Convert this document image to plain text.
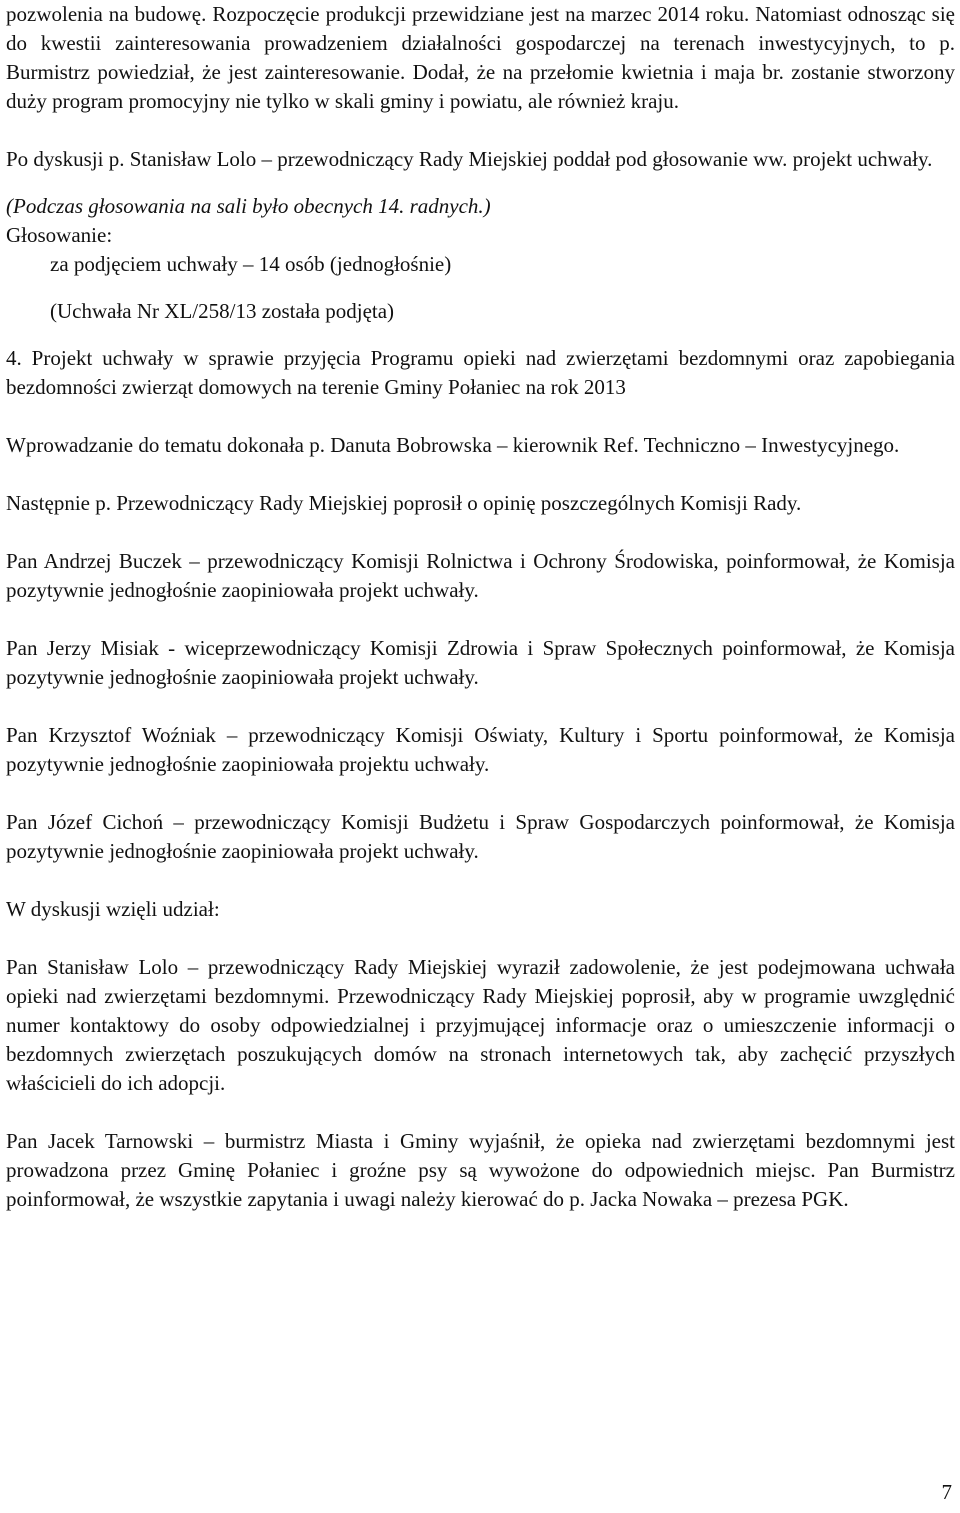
pozwolenia na budowę. Rozpoczęcie produkcji przewidziane jest na marzec 2014 roku. Natomiast odnosząc się do kwestii zainteresowania prowadzeniem działalności gospodarczej na terenach inwestycyjnych, to p. Burmistrz powiedział, że jest zainteresowanie. Dodał, że na przełomie kwietnia i maja br. zostanie stworzony duży program promocyjny nie tylko w skali gminy i powiatu, ale również kraju.

Po dyskusji p. Stanisław Lolo – przewodniczący Rady Miejskiej poddał pod głosowanie ww. projekt uchwały.

(Podczas głosowania na sali było obecnych 14. radnych.)

Głosowanie:

za podjęciem uchwały – 14 osób (jednogłośnie)

(Uchwała Nr XL/258/13 została podjęta)

4. Projekt uchwały w sprawie przyjęcia Programu opieki nad zwierzętami bezdomnymi oraz zapobiegania bezdomności zwierząt domowych na terenie Gminy Połaniec na rok 2013

Wprowadzanie do tematu dokonała p. Danuta Bobrowska – kierownik Ref. Techniczno – Inwestycyjnego.

Następnie p. Przewodniczący Rady Miejskiej poprosił o opinię poszczególnych Komisji Rady.

Pan Andrzej Buczek – przewodniczący Komisji Rolnictwa i Ochrony Środowiska, poinformował, że Komisja pozytywnie jednogłośnie zaopiniowała projekt uchwały.

Pan Jerzy Misiak - wiceprzewodniczący Komisji Zdrowia i Spraw Społecznych poinformował, że Komisja pozytywnie jednogłośnie zaopiniowała projekt uchwały.

Pan Krzysztof Woźniak – przewodniczący Komisji Oświaty, Kultury i Sportu poinformował, że Komisja pozytywnie jednogłośnie zaopiniowała projektu uchwały.

Pan Józef Cichoń – przewodniczący Komisji Budżetu i Spraw Gospodarczych poinformował, że Komisja pozytywnie jednogłośnie zaopiniowała projekt uchwały.

W dyskusji wzięli udział:

Pan Stanisław Lolo – przewodniczący Rady Miejskiej wyraził zadowolenie, że jest podejmowana uchwała opieki nad zwierzętami bezdomnymi. Przewodniczący Rady Miejskiej poprosił, aby w programie uwzględnić numer kontaktowy do osoby odpowiedzialnej i przyjmującej informacje oraz o umieszczenie informacji o bezdomnych zwierzętach poszukujących domów na stronach internetowych tak, aby zachęcić przyszłych właścicieli do ich adopcji.

Pan Jacek Tarnowski – burmistrz Miasta i Gminy wyjaśnił, że opieka nad zwierzętami bezdomnymi jest prowadzona przez Gminę Połaniec i groźne psy są wywożone do odpowiednich miejsc. Pan Burmistrz poinformował, że wszystkie zapytania i uwagi należy kierować do p. Jacka Nowaka – prezesa PGK.

7
